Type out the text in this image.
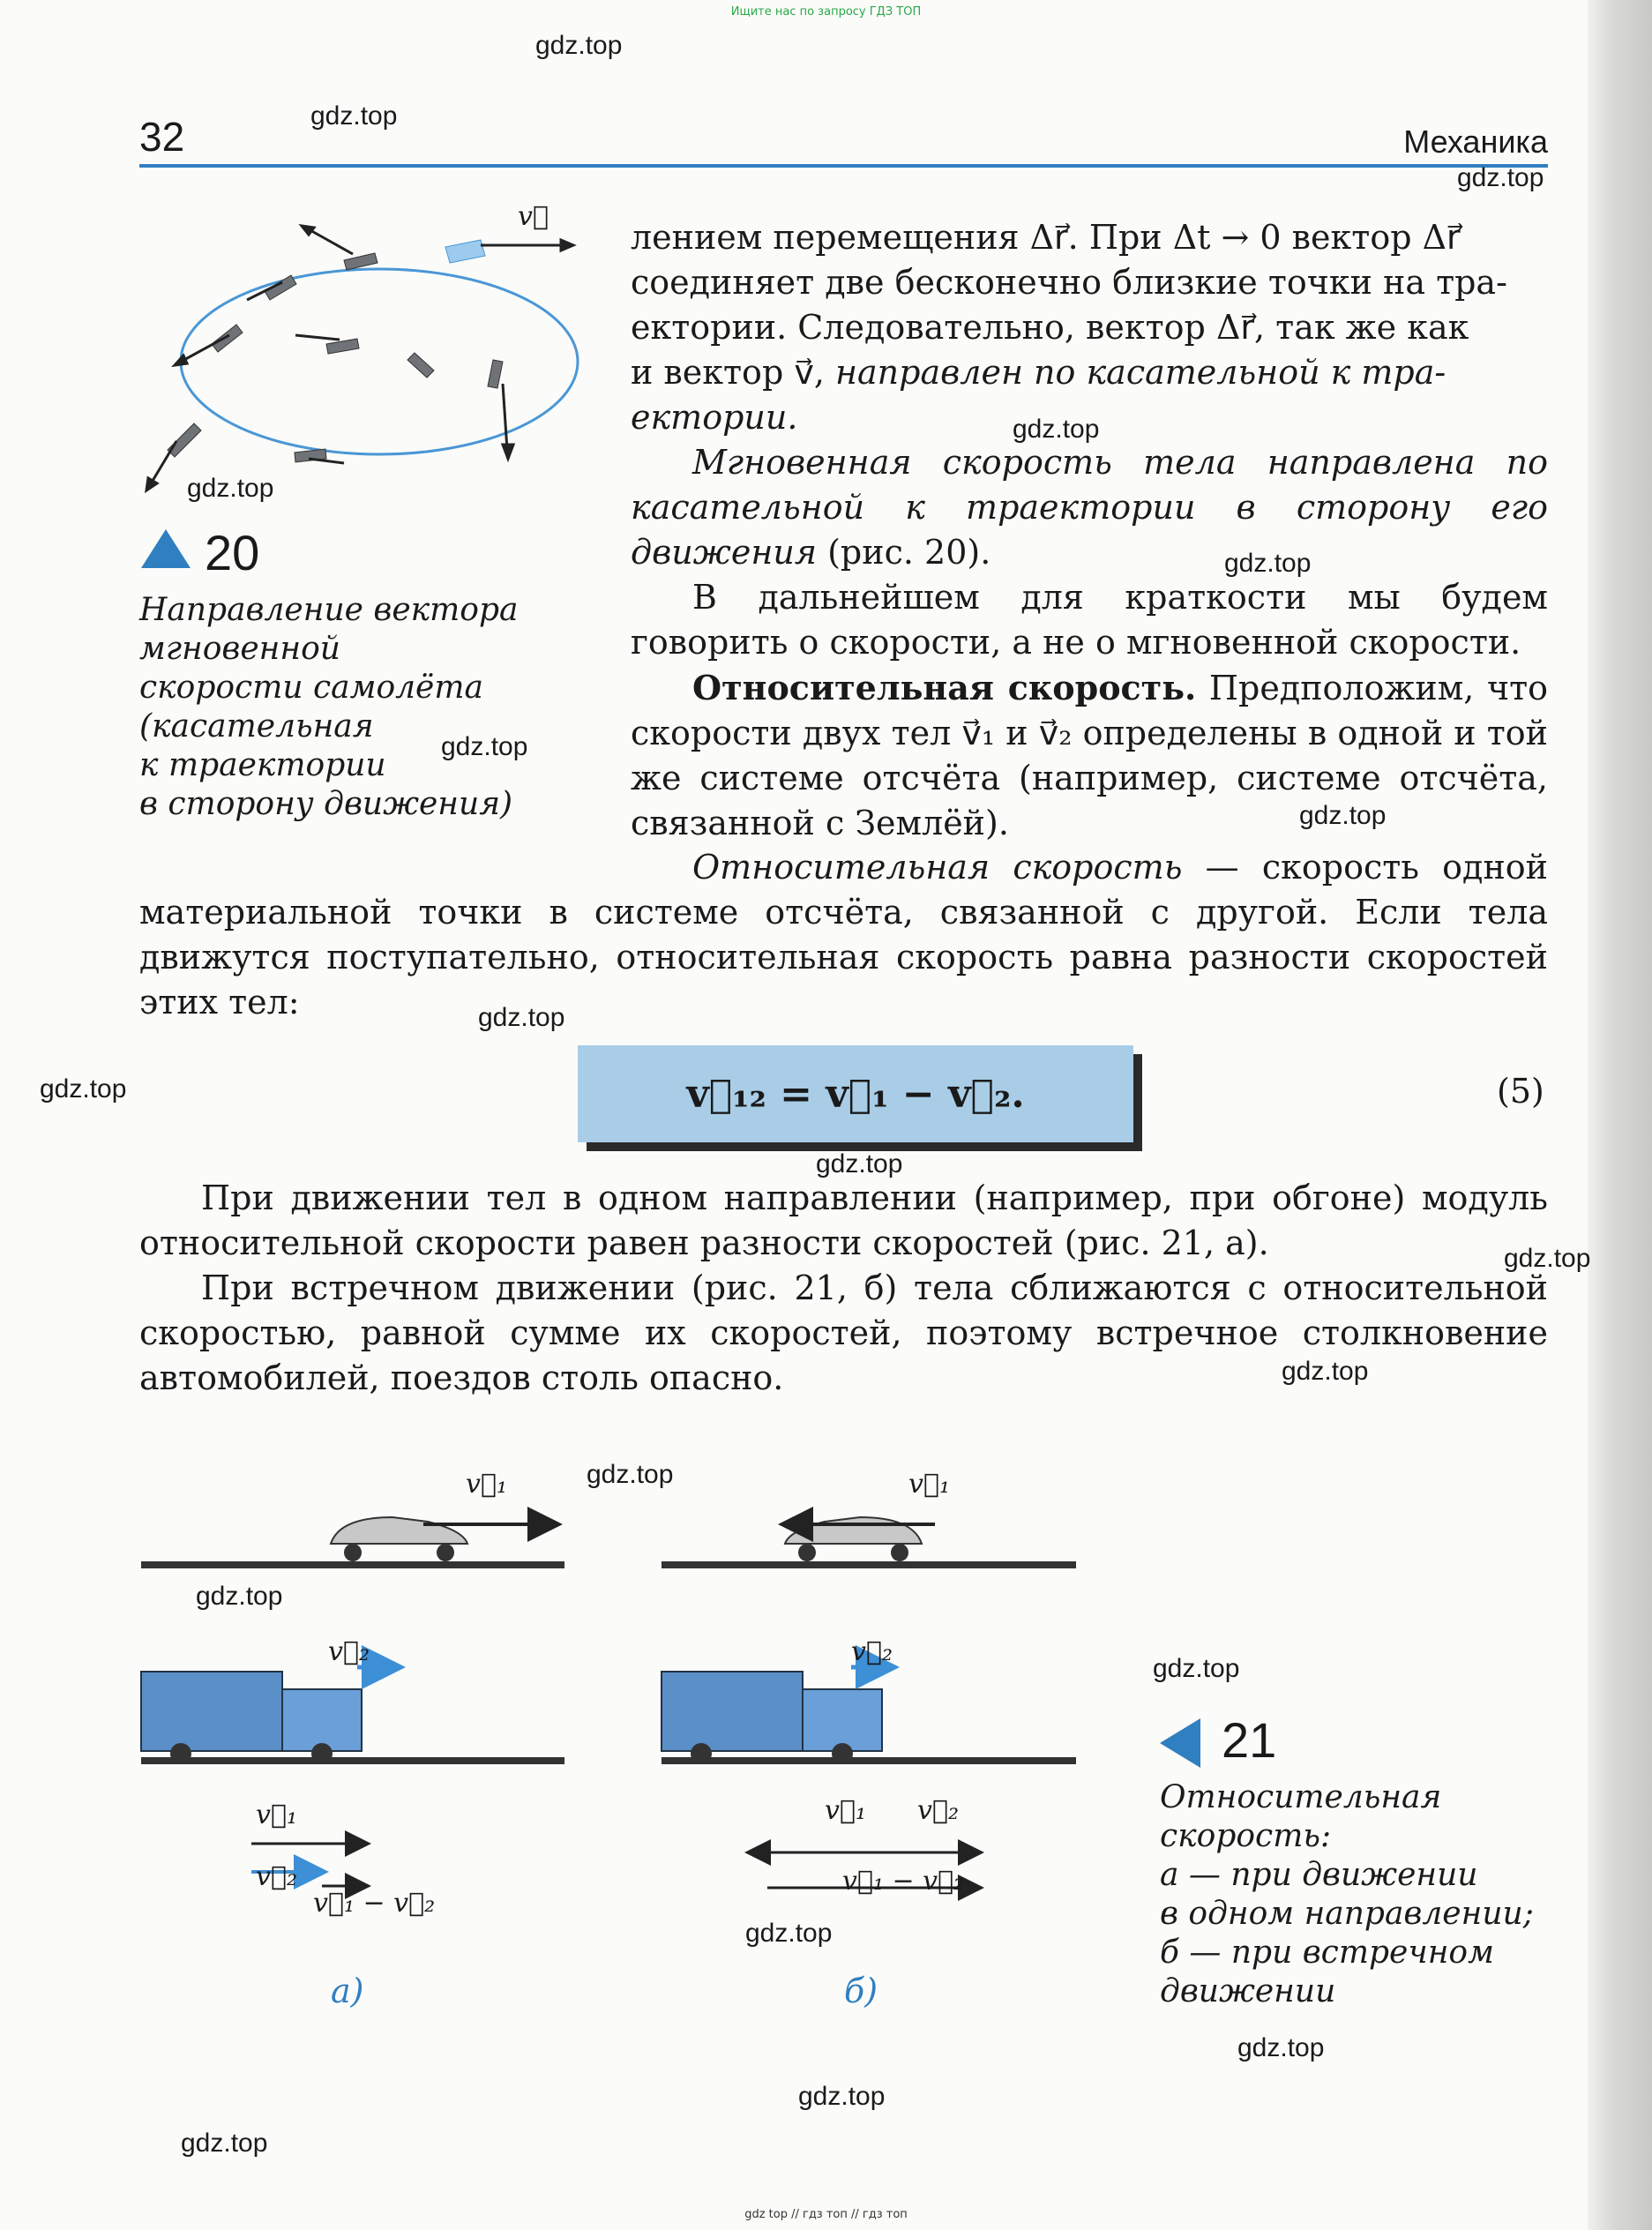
Ищите нас по запросу ГДЗ ТОП
gdz top // гдз топ // гдз топ
32	Механика
v⃗
20
Направление вектора
мгновенной
скорости самолёта
(касательная
к траектории
в сторону движения)

лением перемещения Δr⃗. При Δt → 0 вектор Δr⃗

соединяет две бесконечно близкие точки на тра-

ектории. Следовательно, вектор Δr⃗, так же как

и вектор v⃗, направлен по касательной к тра-

ектории.

Мгновенная скорость тела направлена по касательной к траектории в сторону его движения (рис. 20).
В дальнейшем для краткости мы будем говорить о скорости, а не о мгновенной скорости.
Относительная скорость. Предположим, что скорости двух тел v⃗₁ и v⃗₂ определены в одной и той же системе отсчёта (например, системе отсчёта, связанной с Землёй).
Относительная скорость — скорость одной материальной точки в системе отсчёта, связанной с другой. Если тела движутся поступательно, относительная скорость равна разности скоростей этих тел:
v⃗₁₂ = v⃗₁ − v⃗₂.	(5)
При движении тел в одном направлении (например, при обгоне) модуль относительной скорости равен разности скоростей (рис. 21, а).
При встречном движении (рис. 21, б) тела сближаются с относительной скоростью, равной сумме их скоростей, поэтому встречное столкновение автомобилей, поездов столь опасно.
v⃗₁	v⃗₁
v⃗₂	v⃗₂
v⃗₁
v⃗₂
v⃗₁ − v⃗₂
v⃗₁ v⃗₂
v⃗₁ − v⃗₂
а)	б)
21
Относительная
скорость:
а — при движении
в одном направлении;
б — при встречном
движении
gdz.top
gdz.top
gdz.top
gdz.top
gdz.top
gdz.top
gdz.top
gdz.top
gdz.top
gdz.top
gdz.top
gdz.top
gdz.top
gdz.top
gdz.top
gdz.top
gdz.top
gdz.top
gdz.top
gdz.top
